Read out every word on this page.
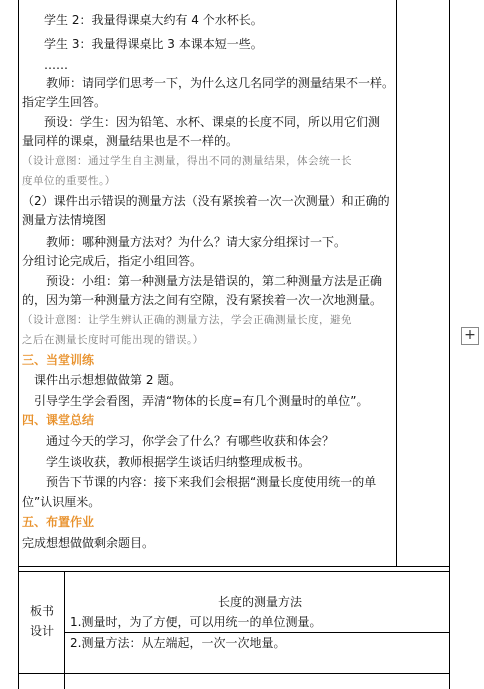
学生 2：我量得课桌大约有 4 个水杯长。
学生 3：我量得课桌比 3 本课本短一些。
……
教师：请同学们思考一下，为什么这几名同学的测量结果不一样。
指定学生回答。
预设：学生：因为铅笔、水杯、课桌的长度不同，所以用它们测
量同样的课桌，测量结果也是不一样的。
（设计意图：通过学生自主测量，得出不同的测量结果，体会统一长
度单位的重要性。）
（2）课件出示错误的测量方法（没有紧挨着一次一次测量）和正确的
测量方法情境图
教师：哪种测量方法对？为什么？请大家分组探讨一下。
分组讨论完成后，指定小组回答。
预设：小组：第一种测量方法是错误的，第二种测量方法是正确
的，因为第一种测量方法之间有空隙，没有紧挨着一次一次地测量。
（设计意图：让学生辨认正确的测量方法，学会正确测量长度，避免
之后在测量长度时可能出现的错误。）
三、当堂训练
课件出示想想做做第 2 题。
引导学生学会看图，弄清“物体的长度=有几个测量时的单位”。
四、课堂总结
通过今天的学习，你学会了什么？有哪些收获和体会？
学生谈收获，教师根据学生谈话归纳整理成板书。
预告下节课的内容：接下来我们会根据“测量长度使用统一的单
位”认识厘米。
五、布置作业
完成想想做做剩余题目。
板书
设计
长度的测量方法
1.测量时，为了方便，可以用统一的单位测量。
2.测量方法：从左端起，一次一次地量。
+
